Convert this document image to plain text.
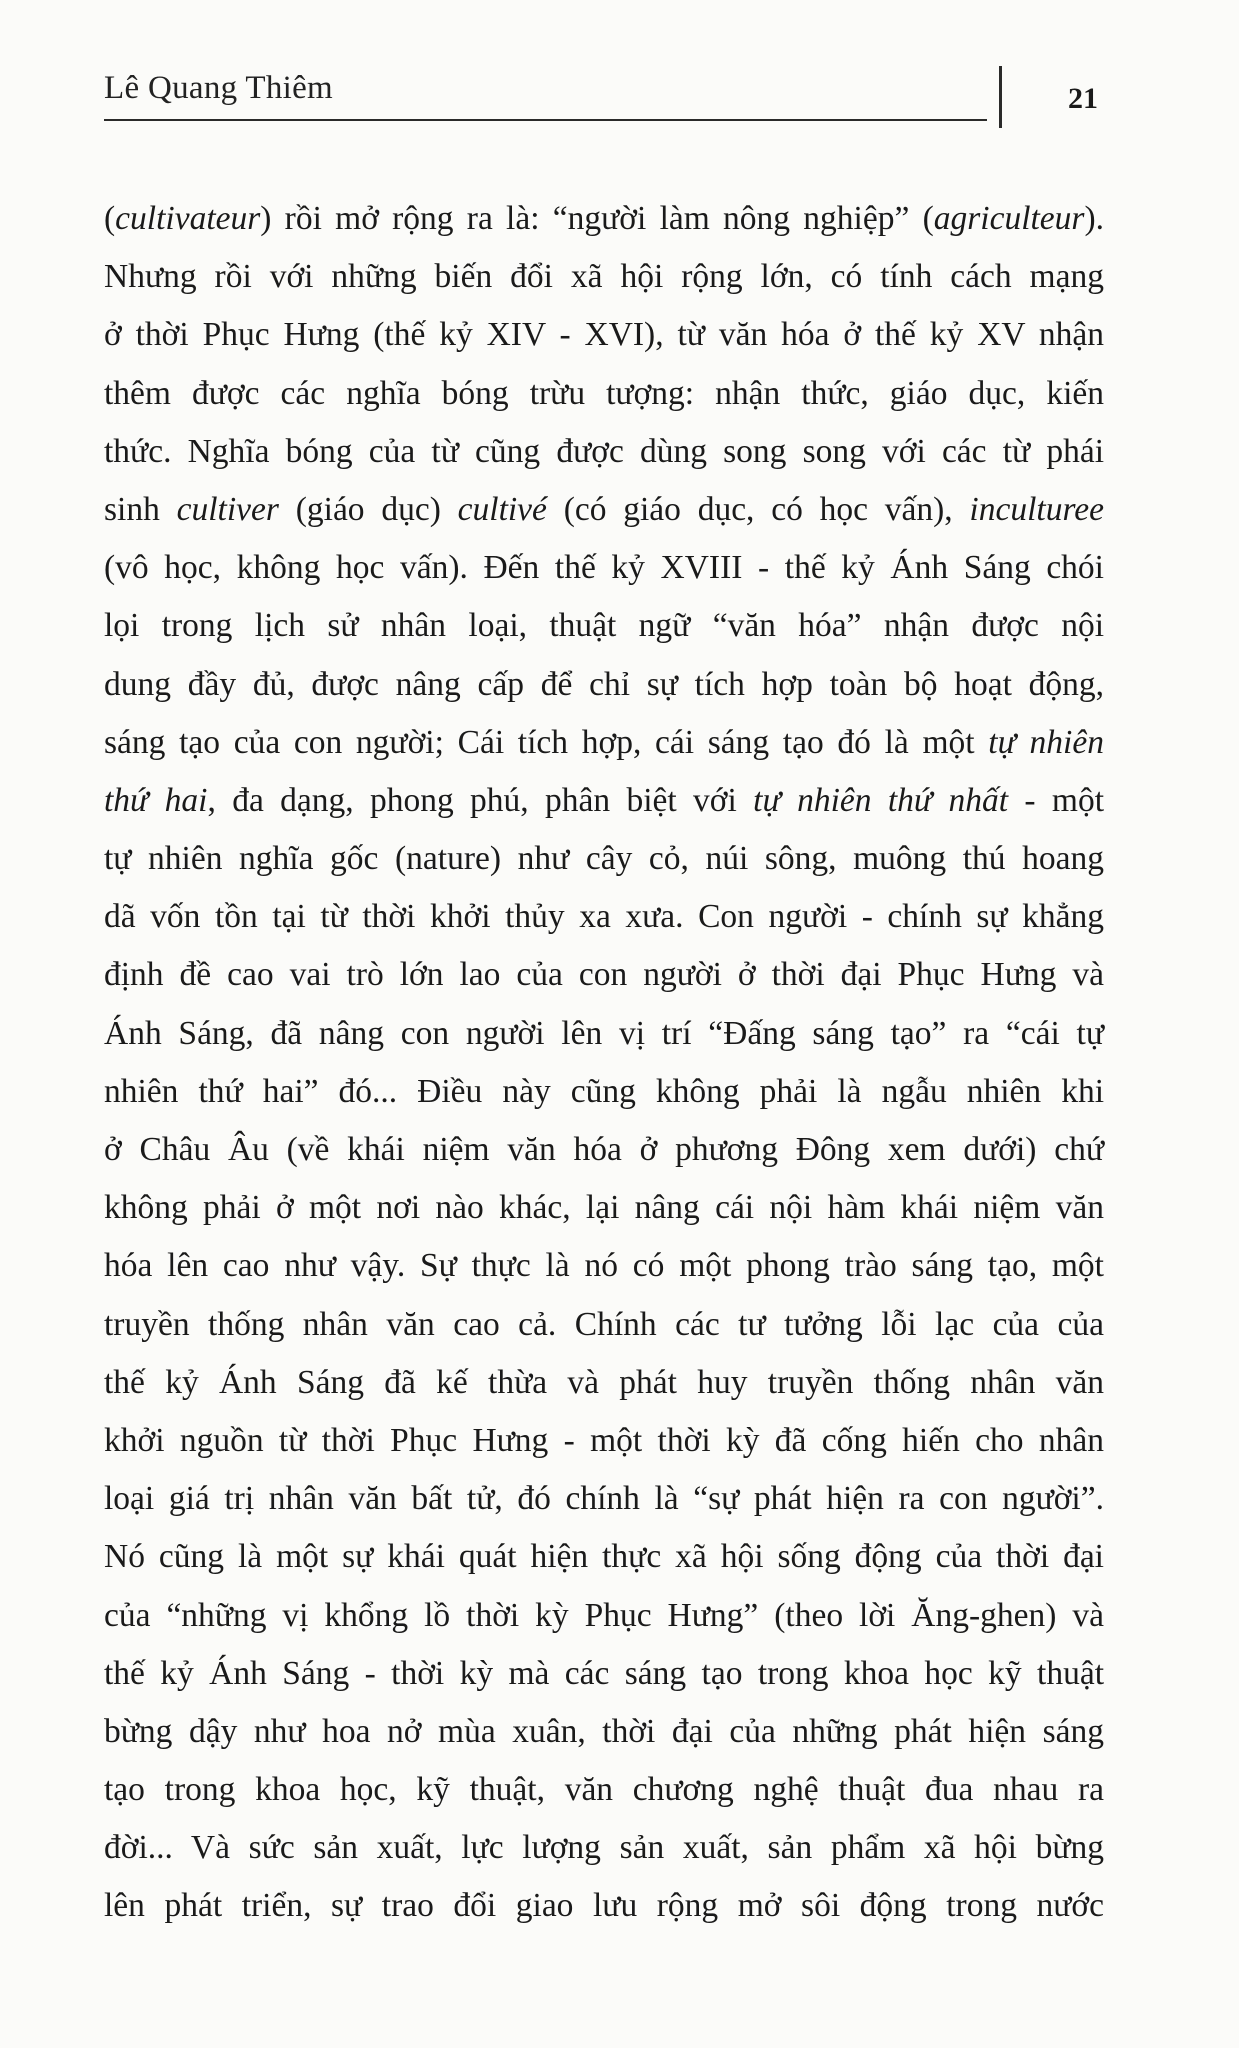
Lê Quang Thiêm	21
(cultivateur) rồi mở rộng ra là: “người làm nông nghiệp” (agriculteur).
Nhưng rồi với những biến đổi xã hội rộng lớn, có tính cách mạng
ở thời Phục Hưng (thế kỷ XIV - XVI), từ văn hóa ở thế kỷ XV nhận
thêm được các nghĩa bóng trừu tượng: nhận thức, giáo dục, kiến
thức. Nghĩa bóng của từ cũng được dùng song song với các từ phái
sinh cultiver (giáo dục) cultivé (có giáo dục, có học vấn), inculturee
(vô học, không học vấn). Đến thế kỷ XVIII - thế kỷ Ánh Sáng chói
lọi trong lịch sử nhân loại, thuật ngữ “văn hóa” nhận được nội
dung đầy đủ, được nâng cấp để chỉ sự tích hợp toàn bộ hoạt động,
sáng tạo của con người; Cái tích hợp, cái sáng tạo đó là một tự nhiên
thứ hai, đa dạng, phong phú, phân biệt với tự nhiên thứ nhất - một
tự nhiên nghĩa gốc (nature) như cây cỏ, núi sông, muông thú hoang
dã vốn tồn tại từ thời khởi thủy xa xưa. Con người - chính sự khẳng
định đề cao vai trò lớn lao của con người ở thời đại Phục Hưng và
Ánh Sáng, đã nâng con người lên vị trí “Đấng sáng tạo” ra “cái tự
nhiên thứ hai” đó... Điều này cũng không phải là ngẫu nhiên khi
ở Châu Âu (về khái niệm văn hóa ở phương Đông xem dưới) chứ
không phải ở một nơi nào khác, lại nâng cái nội hàm khái niệm văn
hóa lên cao như vậy. Sự thực là nó có một phong trào sáng tạo, một
truyền thống nhân văn cao cả. Chính các tư tưởng lỗi lạc của của
thế kỷ Ánh Sáng đã kế thừa và phát huy truyền thống nhân văn
khởi nguồn từ thời Phục Hưng - một thời kỳ đã cống hiến cho nhân
loại giá trị nhân văn bất tử, đó chính là “sự phát hiện ra con người”.
Nó cũng là một sự khái quát hiện thực xã hội sống động của thời đại
của “những vị khổng lồ thời kỳ Phục Hưng” (theo lời Ăng-ghen) và
thế kỷ Ánh Sáng - thời kỳ mà các sáng tạo trong khoa học kỹ thuật
bừng dậy như hoa nở mùa xuân, thời đại của những phát hiện sáng
tạo trong khoa học, kỹ thuật, văn chương nghệ thuật đua nhau ra
đời... Và sức sản xuất, lực lượng sản xuất, sản phẩm xã hội bừng
lên phát triển, sự trao đổi giao lưu rộng mở sôi động trong nước
